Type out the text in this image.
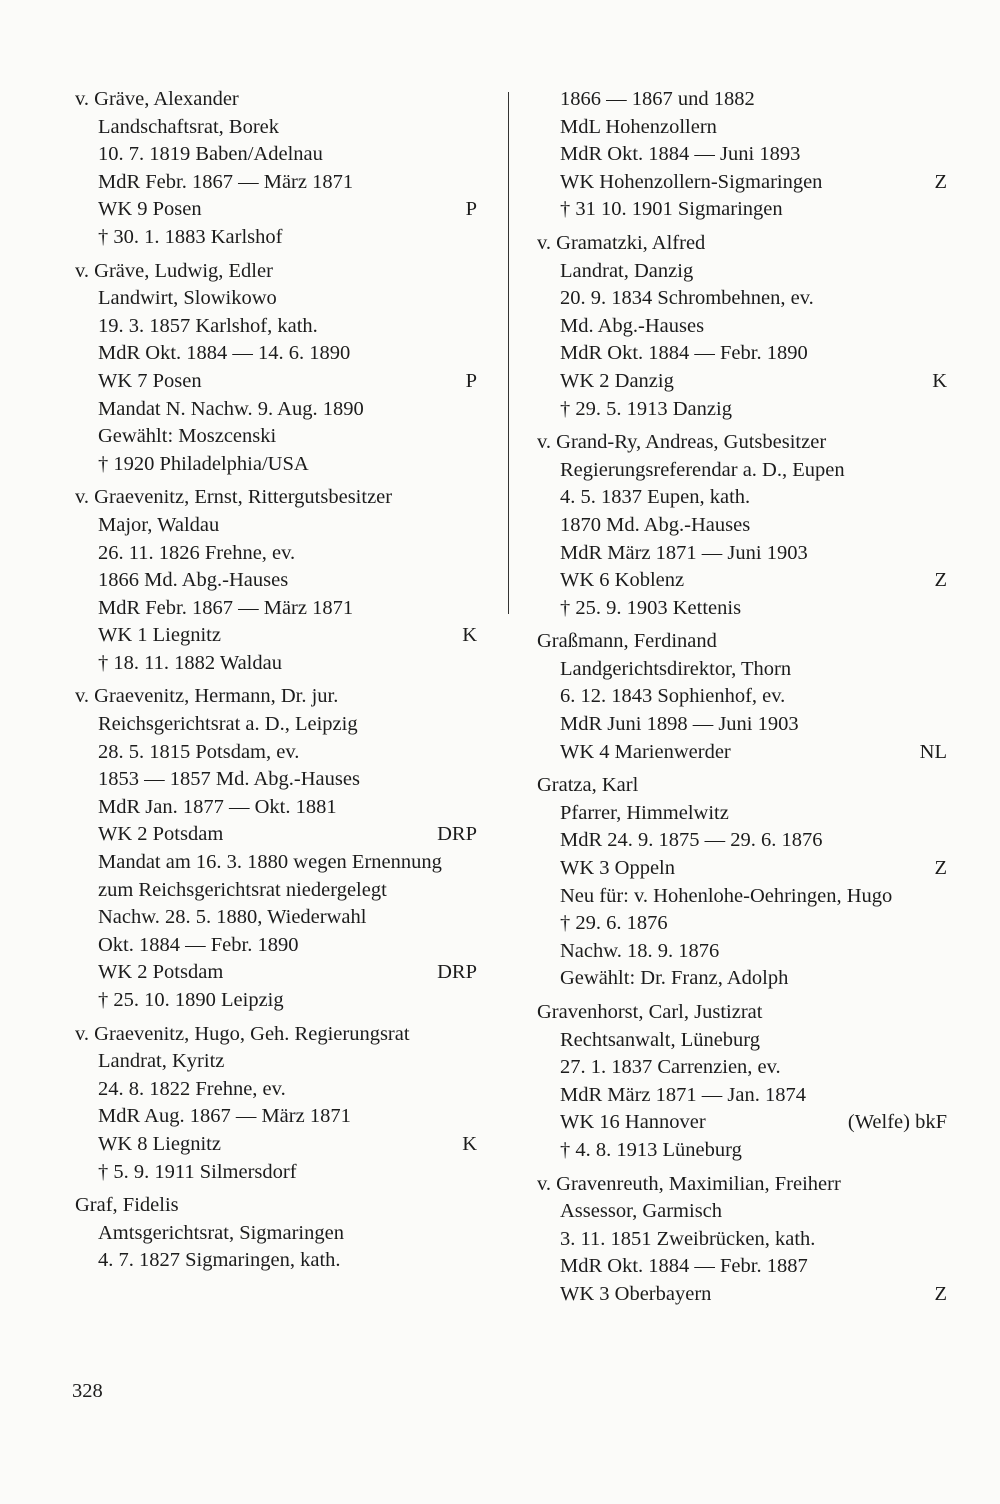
v. Gräve, Alexander
Landschaftsrat, Borek
10. 7. 1819 Baben/Adelnau
MdR Febr. 1867 — März 1871
WK 9 Posen	P
† 30. 1. 1883 Karlshof
v. Gräve, Ludwig, Edler
Landwirt, Slowikowo
19. 3. 1857 Karlshof, kath.
MdR Okt. 1884 — 14. 6. 1890
WK 7 Posen	P
Mandat N. Nachw. 9. Aug. 1890
Gewählt: Moszcenski
† 1920 Philadelphia/USA
v. Graevenitz, Ernst, Rittergutsbesitzer
Major, Waldau
26. 11. 1826 Frehne, ev.
1866 Md. Abg.-Hauses
MdR Febr. 1867 — März 1871
WK 1 Liegnitz	K
† 18. 11. 1882 Waldau
v. Graevenitz, Hermann, Dr. jur.
Reichsgerichtsrat a. D., Leipzig
28. 5. 1815 Potsdam, ev.
1853 — 1857 Md. Abg.-Hauses
MdR Jan. 1877 — Okt. 1881
WK 2 Potsdam	DRP
Mandat am 16. 3. 1880 wegen Ernennung
zum Reichsgerichtsrat niedergelegt
Nachw. 28. 5. 1880, Wiederwahl
Okt. 1884 — Febr. 1890
WK 2 Potsdam	DRP
† 25. 10. 1890 Leipzig
v. Graevenitz, Hugo, Geh. Regierungsrat
Landrat, Kyritz
24. 8. 1822 Frehne, ev.
MdR Aug. 1867 — März 1871
WK 8 Liegnitz	K
† 5. 9. 1911 Silmersdorf
Graf, Fidelis
Amtsgerichtsrat, Sigmaringen
4. 7. 1827 Sigmaringen, kath.
1866 — 1867 und 1882
MdL Hohenzollern
MdR Okt. 1884 — Juni 1893
WK Hohenzollern-Sigmaringen	Z
† 31 10. 1901 Sigmaringen
v. Gramatzki, Alfred
Landrat, Danzig
20. 9. 1834 Schrombehnen, ev.
Md. Abg.-Hauses
MdR Okt. 1884 — Febr. 1890
WK 2 Danzig	K
† 29. 5. 1913 Danzig
v. Grand-Ry, Andreas, Gutsbesitzer
Regierungsreferendar a. D., Eupen
4. 5. 1837 Eupen, kath.
1870 Md. Abg.-Hauses
MdR März 1871 — Juni 1903
WK 6 Koblenz	Z
† 25. 9. 1903 Kettenis
Graßmann, Ferdinand
Landgerichtsdirektor, Thorn
6. 12. 1843 Sophienhof, ev.
MdR Juni 1898 — Juni 1903
WK 4 Marienwerder	NL
Gratza, Karl
Pfarrer, Himmelwitz
MdR 24. 9. 1875 — 29. 6. 1876
WK 3 Oppeln	Z
Neu für: v. Hohenlohe-Oehringen, Hugo
† 29. 6. 1876
Nachw. 18. 9. 1876
Gewählt: Dr. Franz, Adolph
Gravenhorst, Carl, Justizrat
Rechtsanwalt, Lüneburg
27. 1. 1837 Carrenzien, ev.
MdR März 1871 — Jan. 1874
WK 16 Hannover	(Welfe) bkF
† 4. 8. 1913 Lüneburg
v. Gravenreuth, Maximilian, Freiherr
Assessor, Garmisch
3. 11. 1851 Zweibrücken, kath.
MdR Okt. 1884 — Febr. 1887
WK 3 Oberbayern	Z
328
